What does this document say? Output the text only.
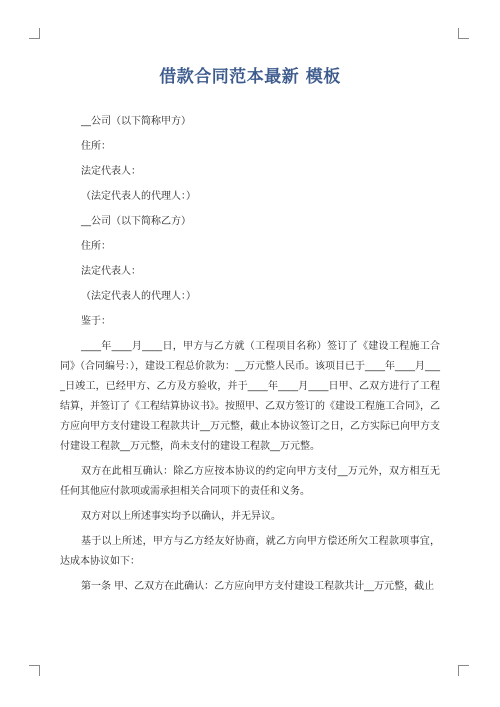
借款合同范本最新 模板
__公司（以下简称甲方）
住所：
法定代表人：
（法定代表人的代理人：）
__公司（以下简称乙方）
住所：
法定代表人：
（法定代表人的代理人：）
鉴于：

____年____月____日，甲方与乙方就（工程项目名称）签订了《建设工程施工合同》（合同编号：），建设工程总价款为：__万元整人民币。该项目已于____年____月____日竣工，已经甲方、乙方及方验收，并于____年____月____日甲、乙双方进行了工程结算，并签订了《工程结算协议书》。按照甲、乙双方签订的《建设工程施工合同》，乙方应向甲方支付建设工程款共计__万元整，截止本协议签订之日，乙方实际已向甲方支付建设工程款__万元整，尚未支付的建设工程款__万元整。

双方在此相互确认：除乙方应按本协议的约定向甲方支付__万元外，双方相互无任何其他应付款项或需承担相关合同项下的责任和义务。

双方对以上所述事实均予以确认，并无异议。

基于以上所述，甲方与乙方经友好协商，就乙方向甲方偿还所欠工程款项事宜，达成本协议如下：

第一条 甲、乙双方在此确认：乙方应向甲方支付建设工程款共计__万元整，截止
